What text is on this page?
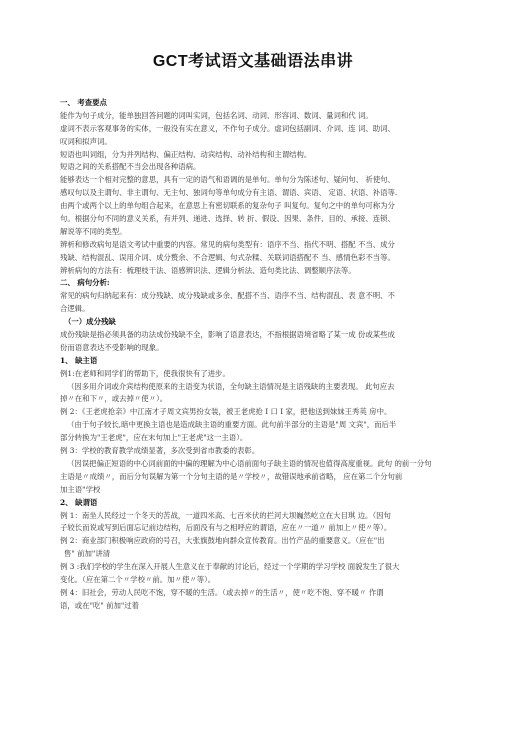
GCT考试语文基础语法串讲
一、 考查要点
能作为句子成分，能单独回答问题的词叫实词，包括名词、动词、形容词、数词、量词和代 词。
虚词不表示客观事务的实体，一般没有实在意义，不作句子成分。虚词包括副词、介词、连 词、助词、
叹词和拟声词。
短语也叫词组，分为并列结构、偏正结构、动宾结构、动补结构和主谓结构。
短语之间的关系搭配不当会出现各种语病。
能够表达一个相对完整的意思，具有一定的语气和语调的是单句。单句分为陈述句、疑问句、 祈使句、
感叹句以及主谓句、非主谓句、无主句、独词句等单句成分有主语、谓语、宾语、 定语、状语、补语等.
由两个或两个以上的单句组合起来，在意思上有密切联系的复杂句子 叫复句。复句之中的单句可称为分
句。根据分句不同的意义关系，有并列、递进、选择、转 折、假设、因果、条件、目的、承接、连锁、
解说等不同的类型。
辨析和修改病句是语文考试中重要的内容。常见的病句类型有：语序不当、指代不明、搭配 不当、成分
残缺、结构混乱、误用介词、成分赘余、不合逻辑、句式杂糅、关联词语搭配不 当、感情色彩不当等。
辨析病句的方法有：梳理枝干法、语感辨识法、逻辑分析法、造句类比法、调整顺序法等。
二、 病句分析:
常见的病句归纳起来有：成分残缺、成分残缺或多余、配搭不当、语序不当、结构混乱、表 意不明、不
合逻辑。
（一）成分残缺
成份残缺是指必须具备的功法成份残缺不全，影响了语意表达，不指根据语境省略了某一成 份或某些成
份而语意表达不受影响的现象。
1、 缺主语
例1:在老师和同学们的帮助下，使我很快有了进步。
（因多用介词或介宾结构使原来的主语变为状语，全句缺主语情况是主语残缺的主要表现。 此句应去
掉〃在和下〃，或去掉〃使〃）。
例 2：《王老虎抢亲》中江南才子周文宾男扮女装，被王老虎抢 Ⅰ 口 Ⅰ 家，把他送到妹妹王秀英 房中。
（由于句子较长,暗中更换主语也是造成缺主语的重要方面。此句前半部分的主语是"周 文宾"，而后半
部分转换为"王老虎"，应在末句加上"王老虎"这一主语）。
例 3：学校的教育教学成绩显著，多次受到省市教委的表彰。
（因误把偏正短语的中心词前面的中偏的理解为中心语前面句子缺主语的情况也值得高度重视。此句 的前一分句
主语是〃成绩〃，而后分句误解为第一个分句主语的是〃学校〃，故错误地承前省略， 应在第二个分句前
加主语"学校
2、 缺谓语
例 1：南坐人民经过一个冬天的苦战，一道四米高、七百米伏的拦河大坝巍然屹立在大目琪 边。（因句
子较长而说或写到后面忘记前边结构，后面没有与之相呼应的谓语，应在〃一道〃 前加上〃使〃等）。
例 2：商业部门积极响应政府的号召，大张旗鼓地向群众宣传教育。出竹产品的重要意义。（应在"出
售" 前加"讲清
例 3 :我们学校的学生在深入开展人生意义在于奉献的讨论后，经过一个学期的学习学校 面貌发生了很大
变化。（应在第二个〃学校〃前。加〃使〃等）。
例 4：旧社会，劳动人民吃不饱，穿不暖的生活。（或去掉〃的生活〃，使〃吃不饱、穿不暖〃 作谓
语，或在"吃" 前加"过着
